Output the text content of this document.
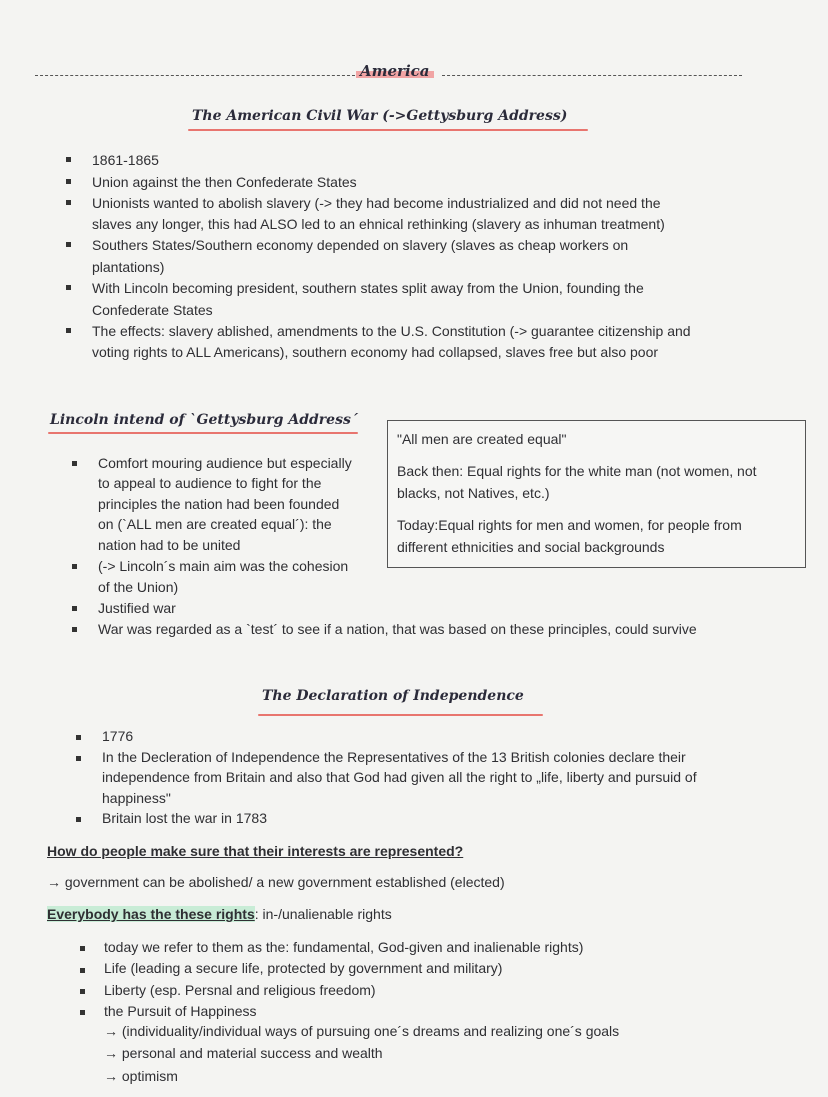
America
The American Civil War (->Gettysburg Address)
1861-1865
Union against the then Confederate States
Unionists wanted to abolish slavery (-> they had become industrialized and did not need the
slaves any longer, this had ALSO led to an ehnical rethinking (slavery as inhuman treatment)
Southers States/Southern economy depended on slavery (slaves as cheap workers on
plantations)
With Lincoln becoming president, southern states split away from the Union, founding the
Confederate States
The effects: slavery ablished, amendments to the U.S. Constitution (-> guarantee citizenship and
voting rights to ALL Americans), southern economy had collapsed, slaves free but also poor
Lincoln intend of `Gettysburg Address´
"All men are created equal"
Back then: Equal rights for the white man (not women, not
blacks, not Natives, etc.)
Today:Equal rights for men and women, for people from
different ethnicities and social backgrounds
Comfort mouring audience but especially
to appeal to audience to fight for the
principles the nation had been founded
on (`ALL men are created equal´): the
nation had to be united
(-> Lincoln´s main aim was the cohesion
of the Union)
Justified war
War was regarded as a `test´ to see if a nation, that was based on these principles, could survive
The Declaration of Independence
1776
In the Decleration of Independence the Representatives of the 13 British colonies declare their
independence from Britain and also that God had given all the right to „life, liberty and pursuid of
happiness"
Britain lost the war in 1783
How do people make sure that their interests are represented?
→ government can be abolished/ a new government established (elected)
Everybody has the these rights: in-/unalienable rights
today we refer to them as the: fundamental, God-given and inalienable rights)
Life (leading a secure life, protected by government and military)
Liberty (esp. Persnal and religious freedom)
the Pursuit of Happiness
→ (individuality/individual ways of pursuing one´s dreams and realizing one´s goals
→ personal and material success and wealth
→ optimism
